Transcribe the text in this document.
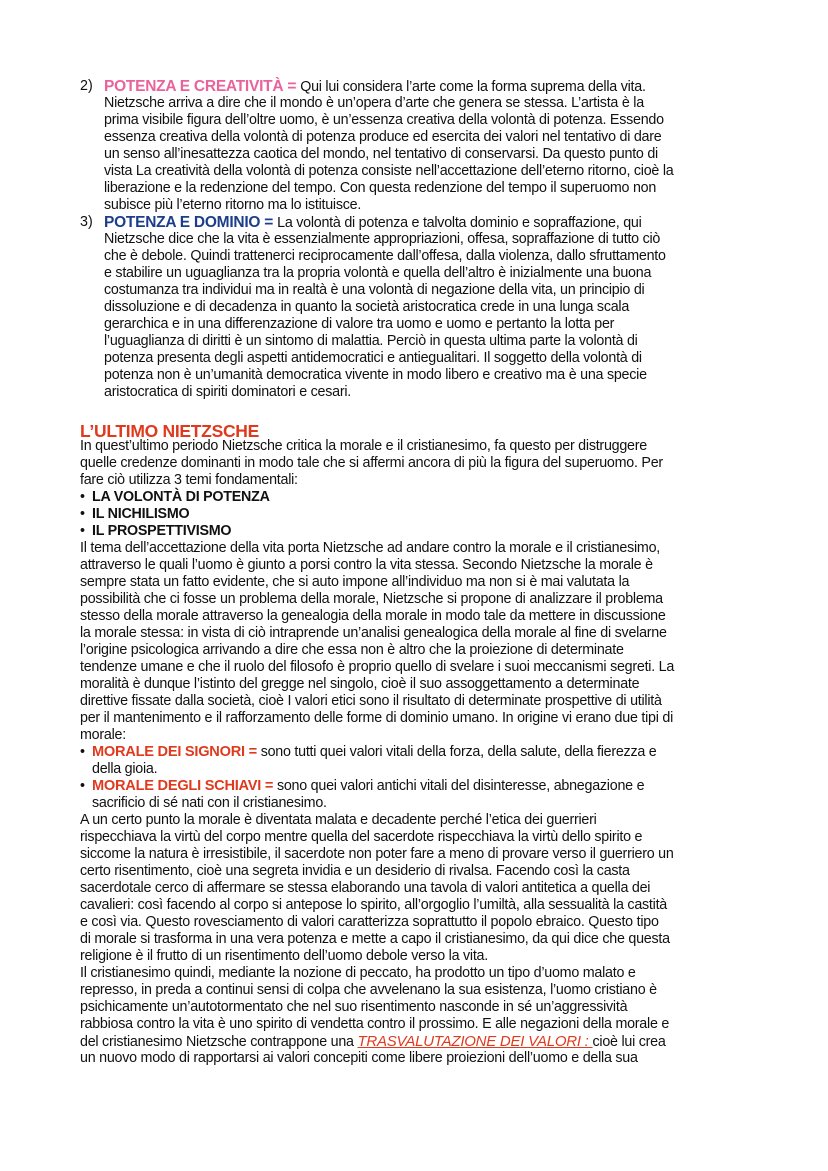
2) POTENZA E CREATIVITÀ = Qui lui considera l’arte come la forma suprema della vita.
Nietzsche arriva a dire che il mondo è un’opera d’arte che genera se stessa. L’artista è la
prima visibile figura dell’oltre uomo, è un’essenza creativa della volontà di potenza. Essendo
essenza creativa della volontà di potenza produce ed esercita dei valori nel tentativo di dare
un senso all’inesattezza caotica del mondo, nel tentativo di conservarsi. Da questo punto di
vista La creatività della volontà di potenza consiste nell’accettazione dell’eterno ritorno, cioè la
liberazione e la redenzione del tempo. Con questa redenzione del tempo il superuomo non
subisce più l’eterno ritorno ma lo istituisce.
3) POTENZA E DOMINIO = La volontà di potenza e talvolta dominio e sopraffazione, qui
Nietzsche dice che la vita è essenzialmente appropriazioni, offesa, sopraffazione di tutto ciò
che è debole. Quindi trattenerci reciprocamente dall’offesa, dalla violenza, dallo sfruttamento
e stabilire un uguaglianza tra la propria volontà e quella dell’altro è inizialmente una buona
costumanza tra individui ma in realtà è una volontà di negazione della vita, un principio di
dissoluzione e di decadenza in quanto la società aristocratica crede in una lunga scala
gerarchica e in una differenzazione di valore tra uomo e uomo e pertanto la lotta per
l’uguaglianza di diritti è un sintomo di malattia. Perciò in questa ultima parte la volontà di
potenza presenta degli aspetti antidemocratici e antiegualitari. Il soggetto della volontà di
potenza non è un’umanità democratica vivente in modo libero e creativo ma è una specie
aristocratica di spiriti dominatori e cesari.
L’ULTIMO NIETZSCHE
In quest’ultimo periodo Nietzsche critica la morale e il cristianesimo, fa questo per distruggere
quelle credenze dominanti in modo tale che si affermi ancora di più la figura del superuomo. Per
fare ciò utilizza 3 temi fondamentali:
• LA VOLONTÀ DI POTENZA
• IL NICHILISMO
• IL PROSPETTIVISMO
Il tema dell’accettazione della vita porta Nietzsche ad andare contro la morale e il cristianesimo,
attraverso le quali l’uomo è giunto a porsi contro la vita stessa. Secondo Nietzsche la morale è
sempre stata un fatto evidente, che si auto impone all’individuo ma non si è mai valutata la
possibilità che ci fosse un problema della morale, Nietzsche si propone di analizzare il problema
stesso della morale attraverso la genealogia della morale in modo tale da mettere in discussione
la morale stessa: in vista di ciò intraprende un’analisi genealogica della morale al fine di svelarne
l’origine psicologica arrivando a dire che essa non è altro che la proiezione di determinate
tendenze umane e che il ruolo del filosofo è proprio quello di svelare i suoi meccanismi segreti. La
moralità è dunque l’istinto del gregge nel singolo, cioè il suo assoggettamento a determinate
direttive fissate dalla società, cioè I valori etici sono il risultato di determinate prospettive di utilità
per il mantenimento e il rafforzamento delle forme di dominio umano. In origine vi erano due tipi di
morale:
• MORALE DEI SIGNORI = sono tutti quei valori vitali della forza, della salute, della fierezza e
della gioia.
• MORALE DEGLI SCHIAVI = sono quei valori antichi vitali del disinteresse, abnegazione e
sacrificio di sé nati con il cristianesimo.
A un certo punto la morale è diventata malata e decadente perché l’etica dei guerrieri
rispecchiava la virtù del corpo mentre quella del sacerdote rispecchiava la virtù dello spirito e
siccome la natura è irresistibile, il sacerdote non poter fare a meno di provare verso il guerriero un
certo risentimento, cioè una segreta invidia e un desiderio di rivalsa. Facendo così la casta
sacerdotale cerco di affermare se stessa elaborando una tavola di valori antitetica a quella dei
cavalieri: così facendo al corpo si antepose lo spirito, all’orgoglio l’umiltà, alla sessualità la castità
e così via. Questo rovesciamento di valori caratterizza soprattutto il popolo ebraico. Questo tipo
di morale si trasforma in una vera potenza e mette a capo il cristianesimo, da qui dice che questa
religione è il frutto di un risentimento dell’uomo debole verso la vita.
Il cristianesimo quindi, mediante la nozione di peccato, ha prodotto un tipo d’uomo malato e
represso, in preda a continui sensi di colpa che avvelenano la sua esistenza, l’uomo cristiano è
psichicamente un’autotormentato che nel suo risentimento nasconde in sé un’aggressività
rabbiosa contro la vita è uno spirito di vendetta contro il prossimo. E alle negazioni della morale e
del cristianesimo Nietzsche contrappone una TRASVALUTAZIONE DEI VALORI : cioè lui crea
un nuovo modo di rapportarsi ai valori concepiti come libere proiezioni dell’uomo e della sua
